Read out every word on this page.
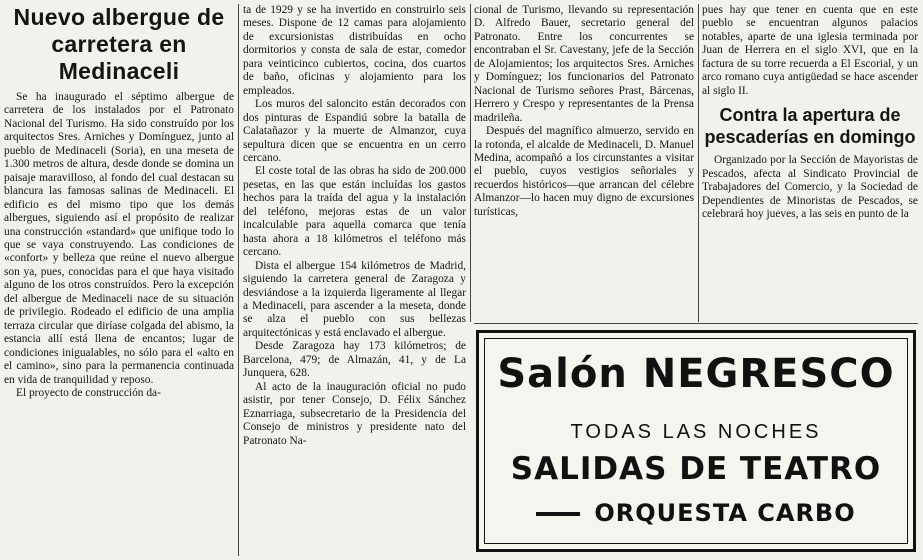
Nuevo albergue de carretera en Medinaceli

Se ha inaugurado el séptimo albergue de carretera de los instalados por el Patronato Nacional del Turismo. Ha sido construído por los arquitectos Sres. Arniches y Domínguez, junto al pueblo de Medinaceli (Soria), en una meseta de 1.300 metros de altura, desde donde se domina un paisaje maravilloso, al fondo del cual destacan su blancura las famosas salinas de Medinaceli. El edificio es del mismo tipo que los demás albergues, siguiendo así el propósito de realizar una construcción «standard» que unifique todo lo que se vaya construyendo. Las condiciones de «confort» y belleza que reúne el nuevo albergue son ya, pues, conocidas para el que haya visitado alguno de los otros construídos. Pero la excepción del albergue de Medinaceli nace de su situación de privilegio. Rodeado el edificio de una amplia terraza circular que diríase colgada del abismo, la estancia allí está llena de encantos; lugar de condiciones inigualables, no sólo para el «alto en el camino», sino para la permanencia continuada en vida de tranquilidad y reposo.

El proyecto de construcción da-

ta de 1929 y se ha invertido en construirlo seis meses. Dispone de 12 camas para alojamiento de excursionistas distribuídas en ocho dormitorios y consta de sala de estar, comedor para veinticinco cubiertos, cocina, dos cuartos de baño, oficinas y alojamiento para los empleados.

Los muros del saloncito están decorados con dos pinturas de Espandiú sobre la batalla de Calatañazor y la muerte de Almanzor, cuya sepultura dicen que se encuentra en un cerro cercano.

El coste total de las obras ha sido de 200.000 pesetas, en las que están incluídas los gastos hechos para la traída del agua y la instalación del teléfono, mejoras estas de un valor incalculable para aquella comarca que tenía hasta ahora a 18 kilómetros el teléfono más cercano.

Dista el albergue 154 kilómetros de Madrid, siguiendo la carretera general de Zaragoza y desviándose a la izquierda ligeramente al llegar a Medinaceli, para ascender a la meseta, donde se alza el pueblo con sus bellezas arquitectónicas y está enclavado el albergue.

Desde Zaragoza hay 173 kilómetros; de Barcelona, 479; de Almazán, 41, y de La Junquera, 628.

Al acto de la inauguración oficial no pudo asistir, por tener Consejo, D. Félix Sánchez Eznarriaga, subsecretario de la Presidencia del Consejo de ministros y presidente nato del Patronato Na-

cional de Turismo, llevando su representación D. Alfredo Bauer, secretario general del Patronato. Entre los concurrentes se encontraban el Sr. Cavestany, jefe de la Sección de Alojamientos; los arquitectos Sres. Arniches y Domínguez; los funcionarios del Patronato Nacional de Turismo señores Prast, Bárcenas, Herrero y Crespo y representantes de la Prensa madrileña.

Después del magnífico almuerzo, servido en la rotonda, el alcalde de Medinaceli, D. Manuel Medina, acompañó a los circunstantes a visitar el pueblo, cuyos vestigios señoriales y recuerdos históricos—que arrancan del célebre Almanzor—lo hacen muy digno de excursiones turísticas,

pues hay que tener en cuenta que en este pueblo se encuentran algunos palacios notables, aparte de una iglesia terminada por Juan de Herrera en el siglo XVI, que en la factura de su torre recuerda a El Escorial, y un arco romano cuya antigüedad se hace ascender al siglo II.

Contra la apertura de pescaderías en domingo

Organizado por la Sección de Mayoristas de Pescados, afecta al Sindicato Provincial de Trabajadores del Comercio, y la Sociedad de Dependientes de Minoristas de Pescados, se celebrará hoy jueves, a las seis en punto de la

Salón NEGRESCO
TODAS LAS NOCHES
SALIDAS DE TEATRO
ORQUESTA CARBO
